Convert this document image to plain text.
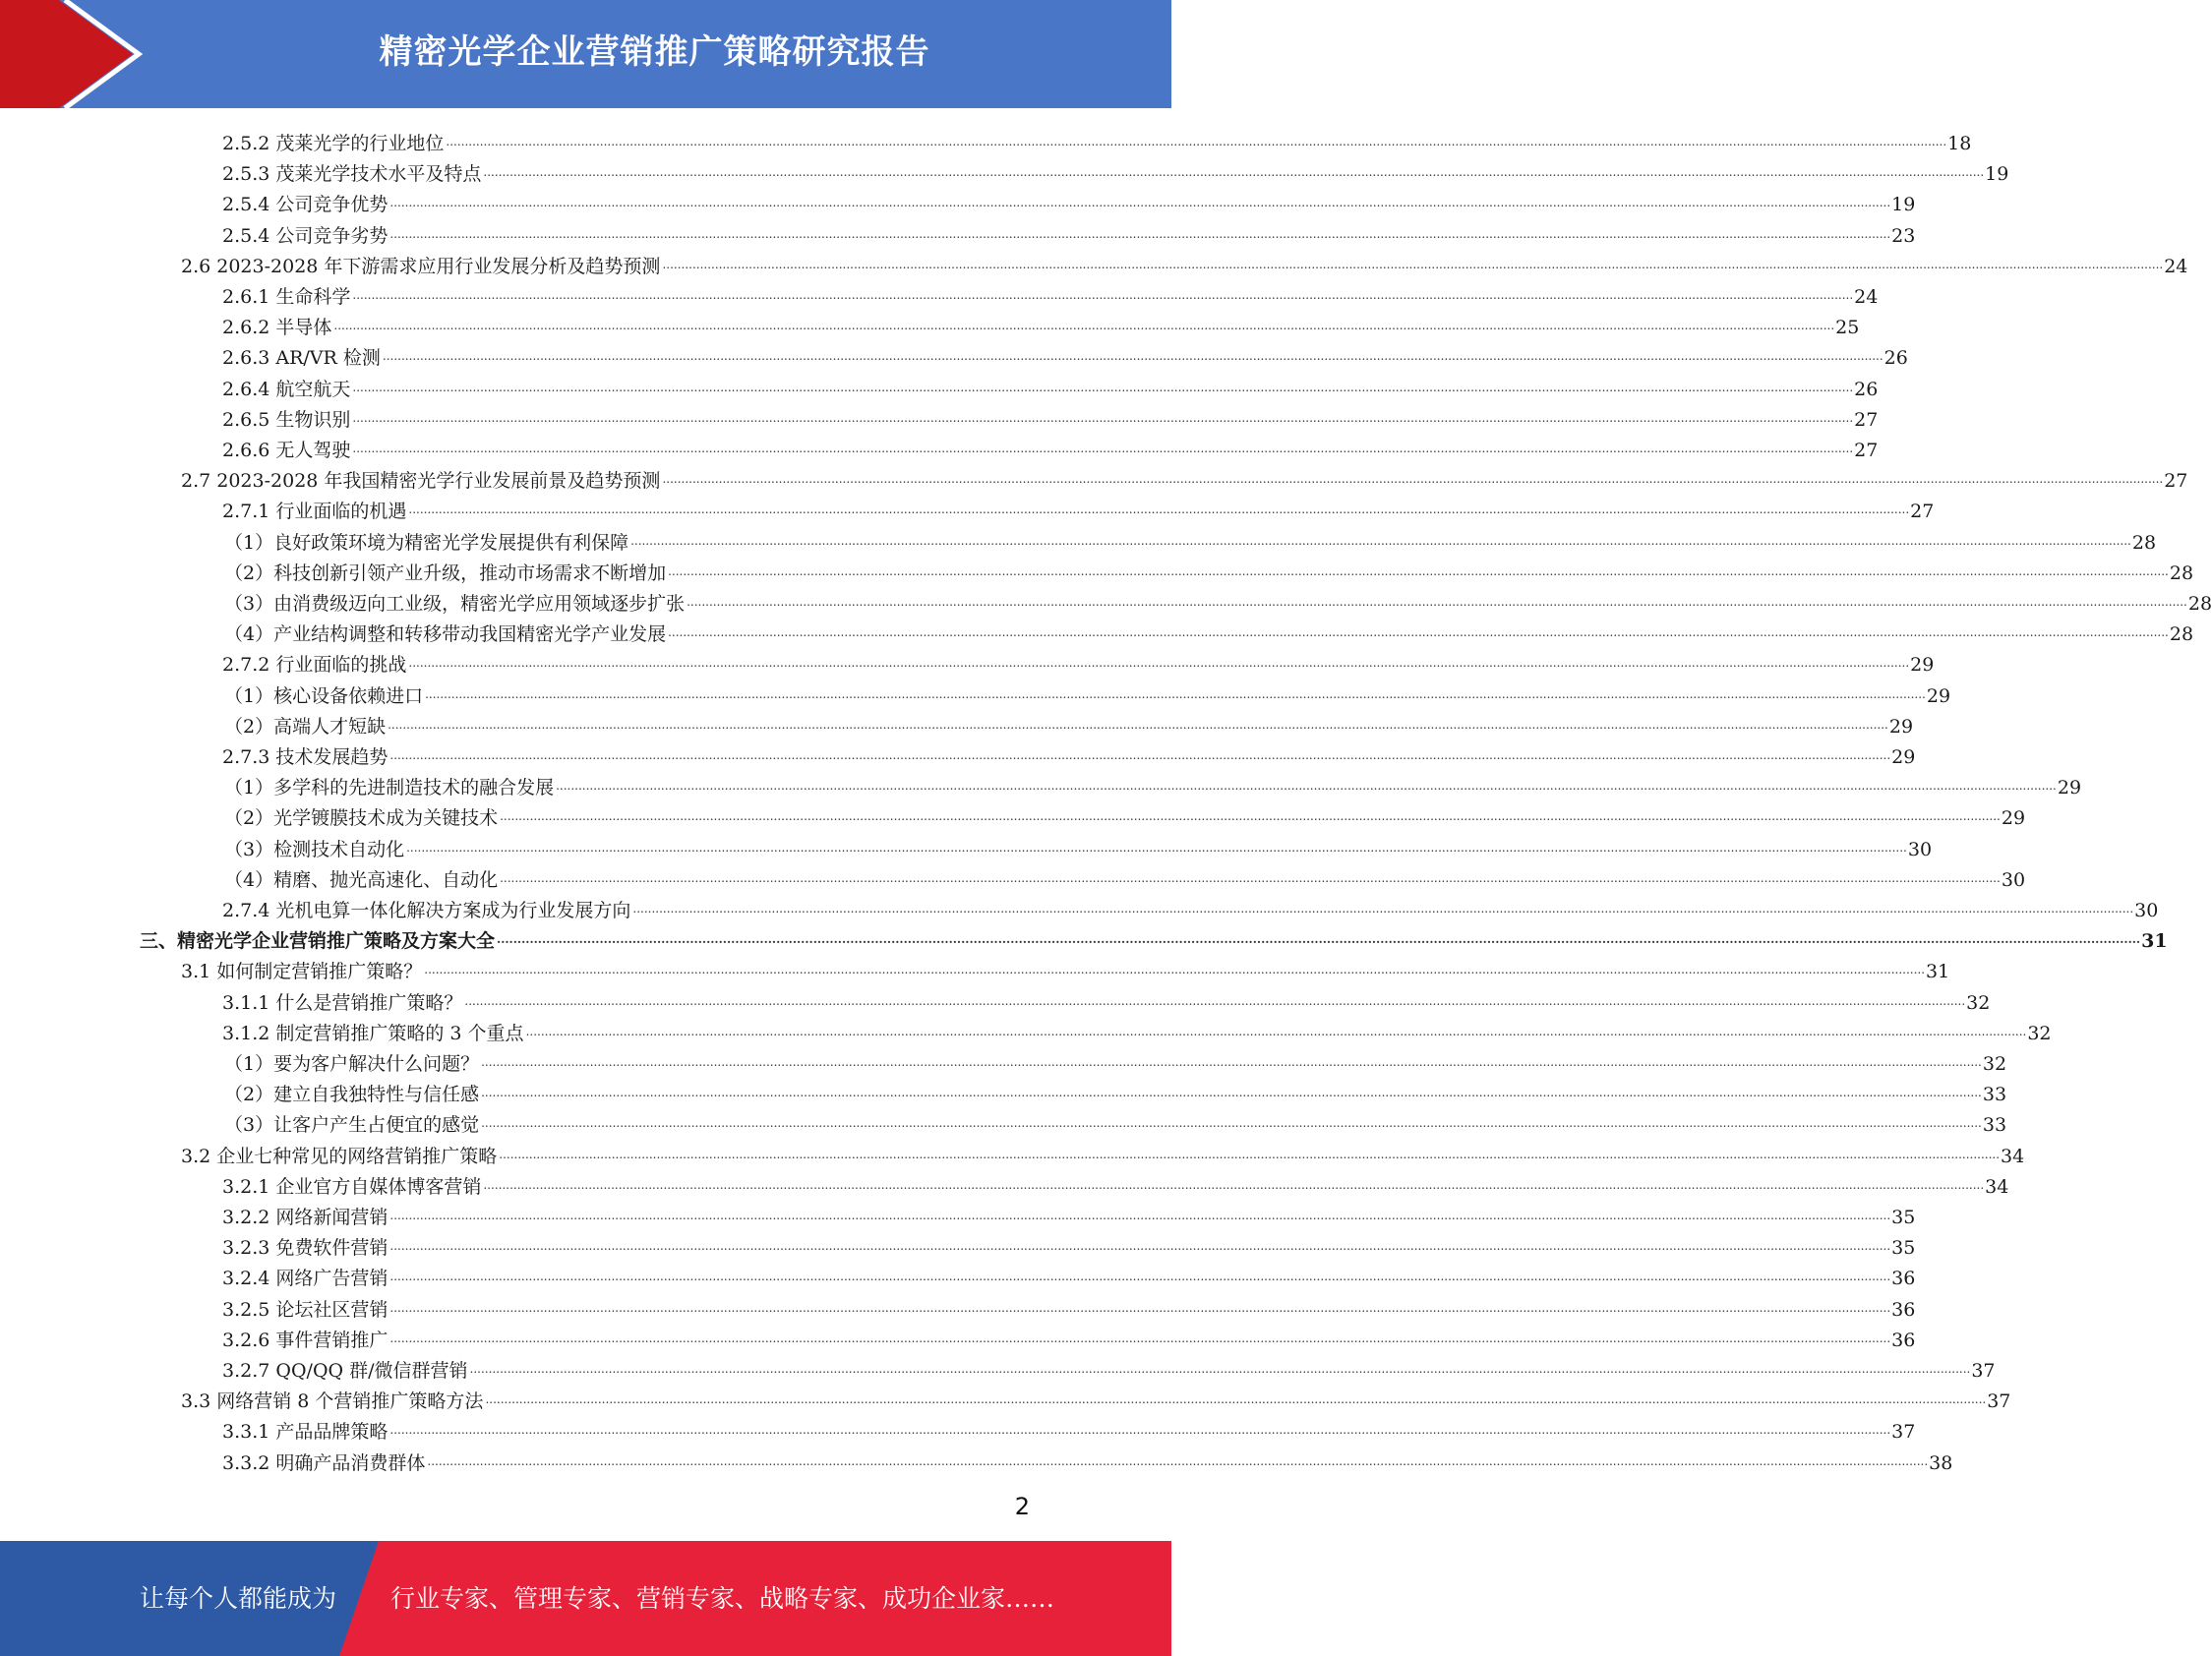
精密光学企业营销推广策略研究报告
2.5.2 茂莱光学的行业地位 ................................................................................................................................................................................................................................................................................................................................................................................................................ 18
2.5.3 茂莱光学技术水平及特点 ................................................................................................................................................................................................................................................................................................................................................................................................................ 19
2.5.4 公司竞争优势 ................................................................................................................................................................................................................................................................................................................................................................................................................ 19
2.5.4 公司竞争劣势 ................................................................................................................................................................................................................................................................................................................................................................................................................ 23
2.6 2023-2028 年下游需求应用行业发展分析及趋势预测 ................................................................................................................................................................................................................................................................................................................................................................................................................ 24
2.6.1 生命科学 ................................................................................................................................................................................................................................................................................................................................................................................................................ 24
2.6.2 半导体 ................................................................................................................................................................................................................................................................................................................................................................................................................ 25
2.6.3 AR/VR 检测 ................................................................................................................................................................................................................................................................................................................................................................................................................ 26
2.6.4 航空航天 ................................................................................................................................................................................................................................................................................................................................................................................................................ 26
2.6.5 生物识别 ................................................................................................................................................................................................................................................................................................................................................................................................................ 27
2.6.6 无人驾驶 ................................................................................................................................................................................................................................................................................................................................................................................................................ 27
2.7 2023-2028 年我国精密光学行业发展前景及趋势预测 ................................................................................................................................................................................................................................................................................................................................................................................................................ 27
2.7.1 行业面临的机遇 ................................................................................................................................................................................................................................................................................................................................................................................................................ 27
（1）良好政策环境为精密光学发展提供有利保障 ................................................................................................................................................................................................................................................................................................................................................................................................................ 28
（2）科技创新引领产业升级，推动市场需求不断增加 ................................................................................................................................................................................................................................................................................................................................................................................................................ 28
（3）由消费级迈向工业级，精密光学应用领域逐步扩张 ................................................................................................................................................................................................................................................................................................................................................................................................................ 28
（4）产业结构调整和转移带动我国精密光学产业发展 ................................................................................................................................................................................................................................................................................................................................................................................................................ 28
2.7.2 行业面临的挑战 ................................................................................................................................................................................................................................................................................................................................................................................................................ 29
（1）核心设备依赖进口 ................................................................................................................................................................................................................................................................................................................................................................................................................ 29
（2）高端人才短缺 ................................................................................................................................................................................................................................................................................................................................................................................................................ 29
2.7.3 技术发展趋势 ................................................................................................................................................................................................................................................................................................................................................................................................................ 29
（1）多学科的先进制造技术的融合发展 ................................................................................................................................................................................................................................................................................................................................................................................................................ 29
（2）光学镀膜技术成为关键技术 ................................................................................................................................................................................................................................................................................................................................................................................................................ 29
（3）检测技术自动化 ................................................................................................................................................................................................................................................................................................................................................................................................................ 30
（4）精磨、抛光高速化、自动化 ................................................................................................................................................................................................................................................................................................................................................................................................................ 30
2.7.4 光机电算一体化解决方案成为行业发展方向 ................................................................................................................................................................................................................................................................................................................................................................................................................ 30
三、精密光学企业营销推广策略及方案大全 ................................................................................................................................................................................................................................................................................................................................................................................................................ 31
3.1 如何制定营销推广策略？ ................................................................................................................................................................................................................................................................................................................................................................................................................ 31
3.1.1 什么是营销推广策略？ ................................................................................................................................................................................................................................................................................................................................................................................................................ 32
3.1.2 制定营销推广策略的 3 个重点 ................................................................................................................................................................................................................................................................................................................................................................................................................ 32
（1）要为客户解决什么问题？ ................................................................................................................................................................................................................................................................................................................................................................................................................ 32
（2）建立自我独特性与信任感 ................................................................................................................................................................................................................................................................................................................................................................................................................ 33
（3）让客户产生占便宜的感觉 ................................................................................................................................................................................................................................................................................................................................................................................................................ 33
3.2 企业七种常见的网络营销推广策略 ................................................................................................................................................................................................................................................................................................................................................................................................................ 34
3.2.1 企业官方自媒体博客营销 ................................................................................................................................................................................................................................................................................................................................................................................................................ 34
3.2.2 网络新闻营销 ................................................................................................................................................................................................................................................................................................................................................................................................................ 35
3.2.3 免费软件营销 ................................................................................................................................................................................................................................................................................................................................................................................................................ 35
3.2.4 网络广告营销 ................................................................................................................................................................................................................................................................................................................................................................................................................ 36
3.2.5 论坛社区营销 ................................................................................................................................................................................................................................................................................................................................................................................................................ 36
3.2.6 事件营销推广 ................................................................................................................................................................................................................................................................................................................................................................................................................ 36
3.2.7 QQ/QQ 群/微信群营销 ................................................................................................................................................................................................................................................................................................................................................................................................................ 37
3.3 网络营销 8 个营销推广策略方法 ................................................................................................................................................................................................................................................................................................................................................................................................................ 37
3.3.1 产品品牌策略 ................................................................................................................................................................................................................................................................................................................................................................................................................ 37
3.3.2 明确产品消费群体 ................................................................................................................................................................................................................................................................................................................................................................................................................ 38
2
让每个人都能成为 行业专家、管理专家、营销专家、战略专家、成功企业家……
